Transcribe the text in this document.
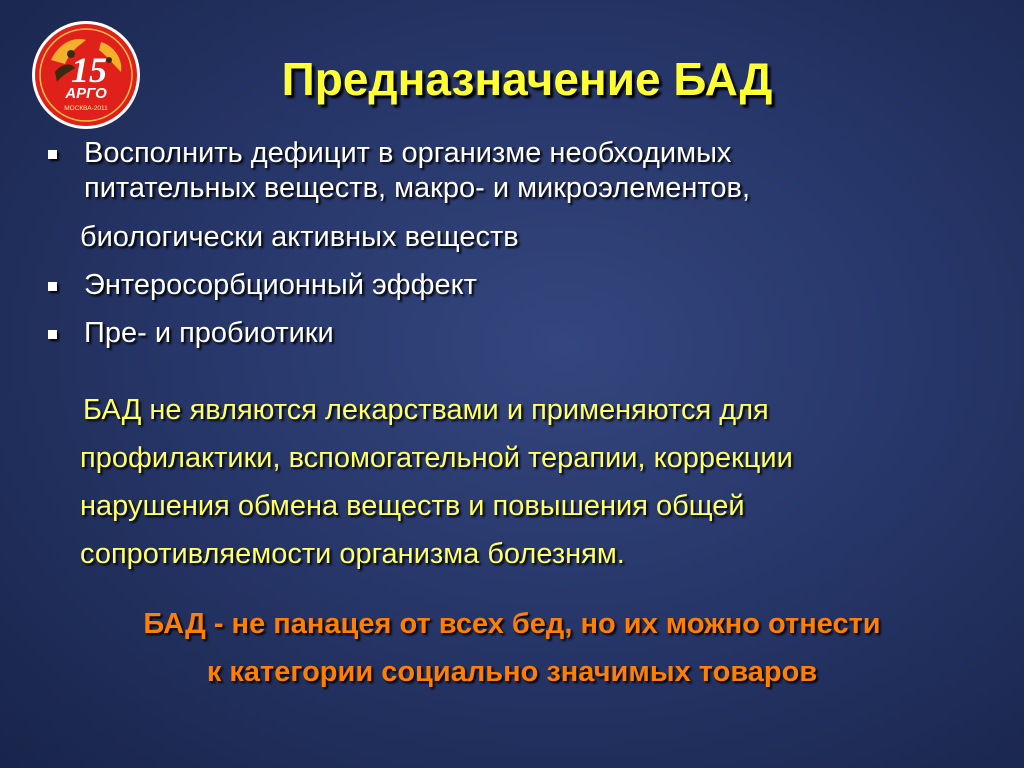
15
АРГО
МОСКВА-2011
Предназначение БАД
Восполнить дефицит в организме необходимых
питательных веществ, макро- и микроэлементов,
биологически активных веществ
Энтеросорбционный эффект
Пре- и пробиотики
БАД не являются лекарствами и применяются для
профилактики, вспомогательной терапии, коррекции
нарушения обмена веществ и повышения общей
сопротивляемости организма болезням.
БАД - не панацея от всех бед, но их можно отнести
к категории социально значимых товаров
